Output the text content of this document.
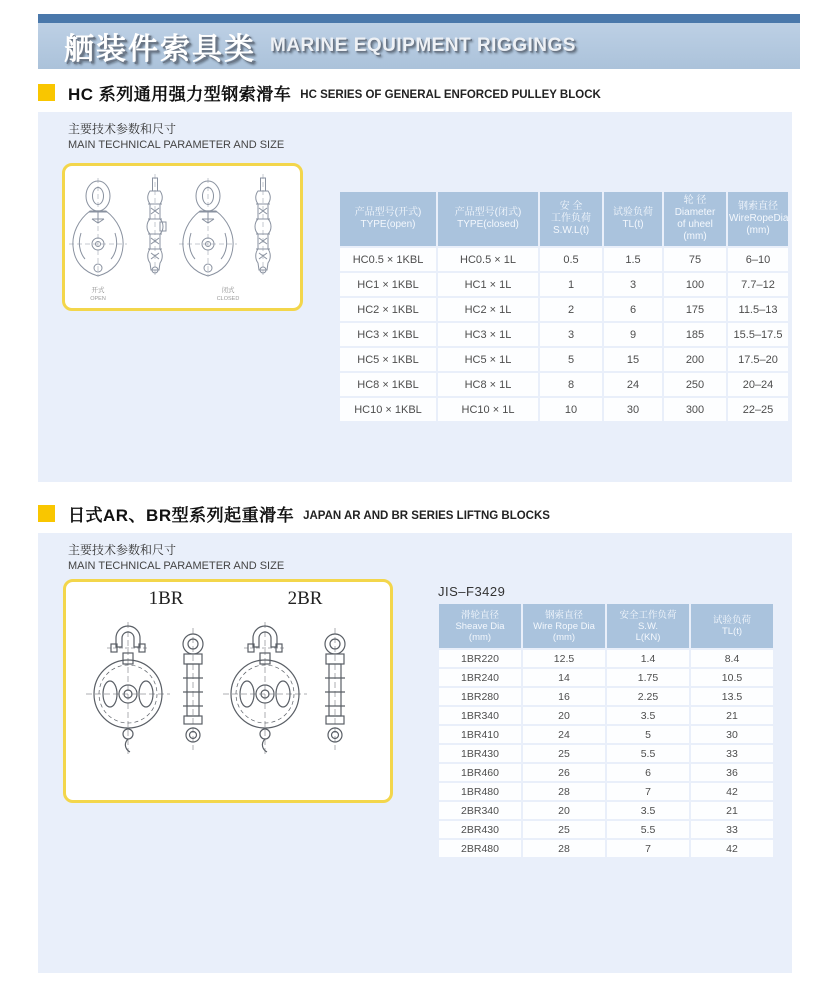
舾装件索具类 MARINE EQUIPMENT RIGGINGS
HC 系列通用强力型钢索滑车 HC SERIES OF GENERAL ENFORCED PULLEY BLOCK
主要技术参数和尺寸
MAIN TECHNICAL PARAMETER AND SIZE
开式
OPEN
闭式
CLOSED
产品型号(开式)
TYPE(open)

产品型号(闭式)
TYPE(closed)

安 全
工作负荷
S.W.L(t)

试验负荷
TL(t)

轮 径
Diameter
of uheel
(mm)

钢索直径
WireRopeDia
(mm)

HC0.5 × 1KBL	HC0.5 × 1L	0.5	1.5	75	6–10
HC1 × 1KBL	HC1 × 1L	1	3	100	7.7–12
HC2 × 1KBL	HC2 × 1L	2	6	175	11.5–13
HC3 × 1KBL	HC3 × 1L	3	9	185	15.5–17.5
HC5 × 1KBL	HC5 × 1L	5	15	200	17.5–20
HC8 × 1KBL	HC8 × 1L	8	24	250	20–24
HC10 × 1KBL	HC10 × 1L	10	30	300	22–25
日式AR、BR型系列起重滑车 JAPAN AR AND BR SERIES LIFTNG BLOCKS
主要技术参数和尺寸
MAIN TECHNICAL PARAMETER AND SIZE
1BR	2BR	JIS–F3429
滑轮直径
Sheave Dia
(mm)

钢索直径
Wire Rope Dia
(mm)

安全工作负荷
S.W.
L(KN)

试验负荷
TL(t)

1BR220	12.5	1.4	8.4
1BR240	14	1.75	10.5
1BR280	16	2.25	13.5
1BR340	20	3.5	21
1BR410	24	5	30
1BR430	25	5.5	33
1BR460	26	6	36
1BR480	28	7	42
2BR340	20	3.5	21
2BR430	25	5.5	33
2BR480	28	7	42
